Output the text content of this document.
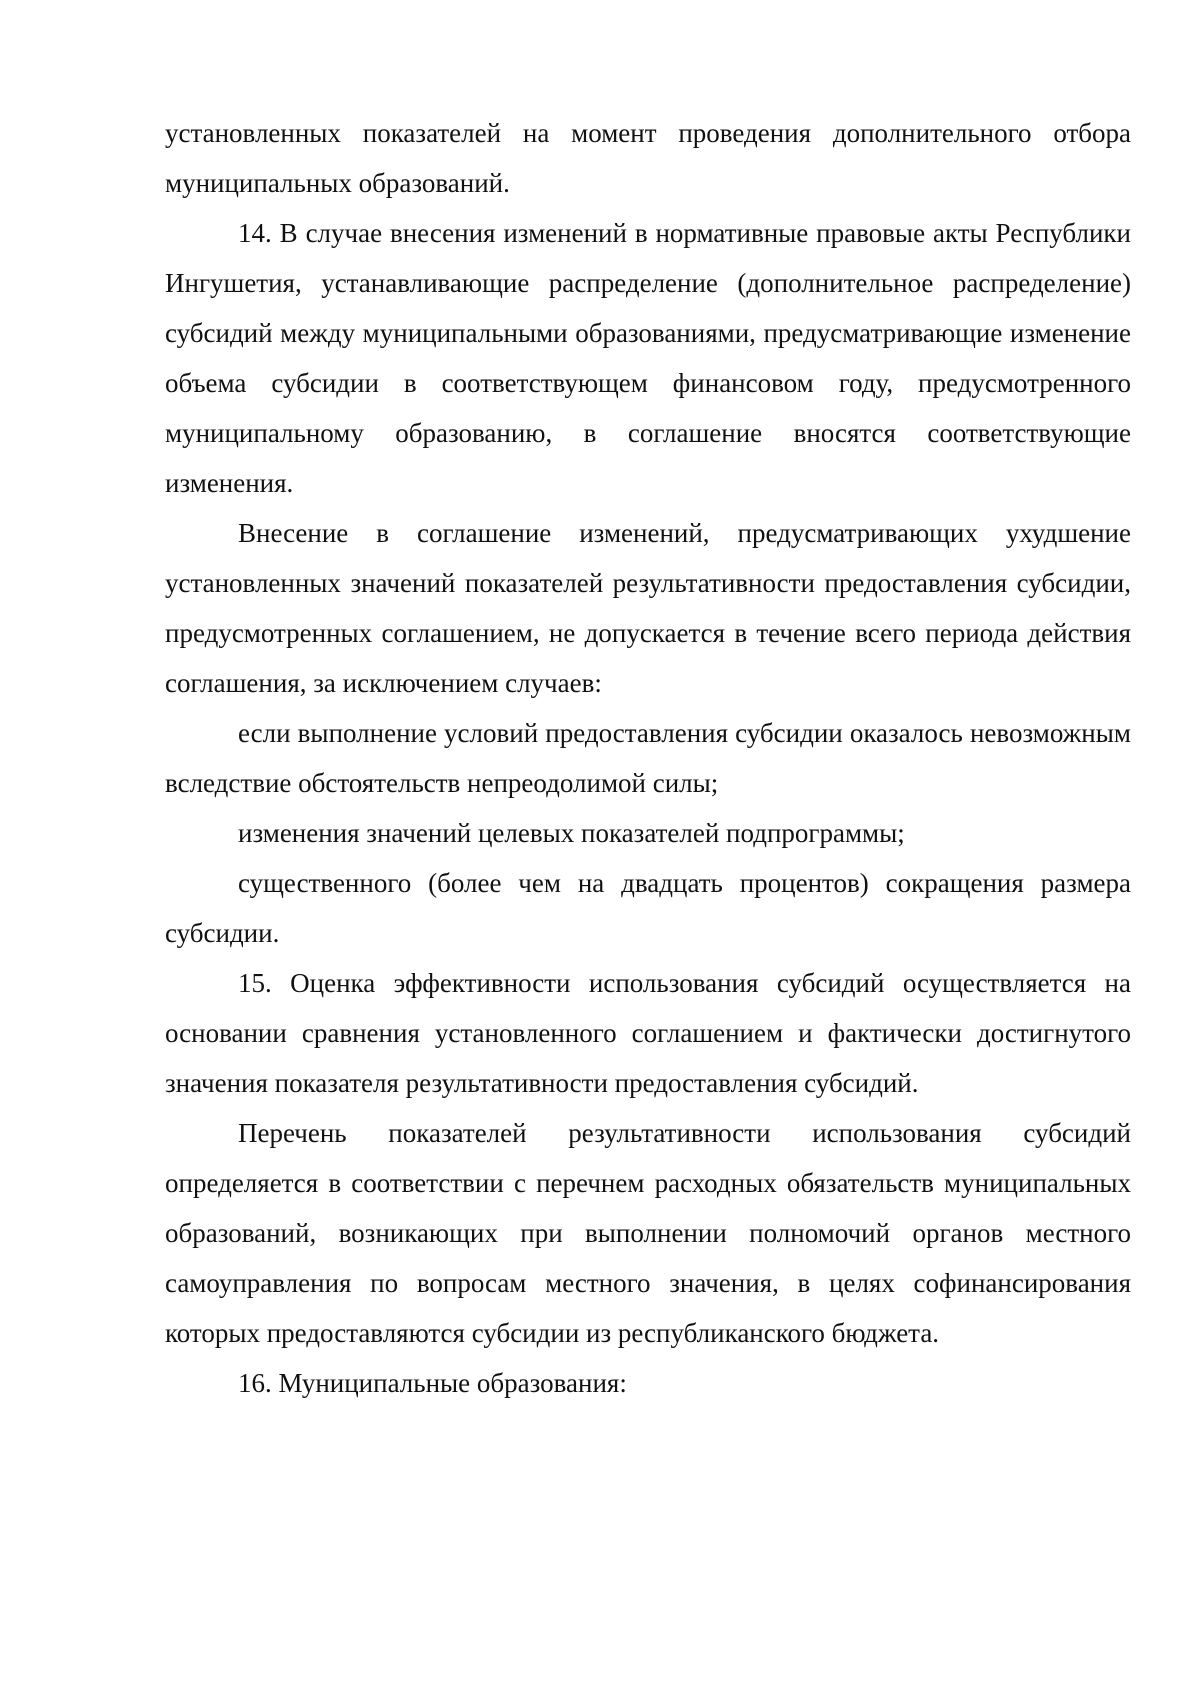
установленных показателей на момент проведения дополнительного отбора муниципальных образований.

14. В случае внесения изменений в нормативные правовые акты Республики Ингушетия, устанавливающие распределение (дополнительное распределение) субсидий между муниципальными образованиями, предусматривающие изменение объема субсидии в соответствующем финансовом году, предусмотренного муниципальному образованию, в соглашение вносятся соответствующие изменения.

Внесение в соглашение изменений, предусматривающих ухудшение установленных значений показателей результативности предоставления субсидии, предусмотренных соглашением, не допускается в течение всего периода действия соглашения, за исключением случаев:

если выполнение условий предоставления субсидии оказалось невозможным вследствие обстоятельств непреодолимой силы;

изменения значений целевых показателей подпрограммы;

существенного (более чем на двадцать процентов) сокращения размера субсидии.

15. Оценка эффективности использования субсидий осуществляется на основании сравнения установленного соглашением и фактически достигнутого значения показателя результативности предоставления субсидий.

Перечень показателей результативности использования субсидий определяется в соответствии с перечнем расходных обязательств муниципальных образований, возникающих при выполнении полномочий органов местного самоуправления по вопросам местного значения, в целях софинансирования которых предоставляются субсидии из республиканского бюджета.

16. Муниципальные образования:
